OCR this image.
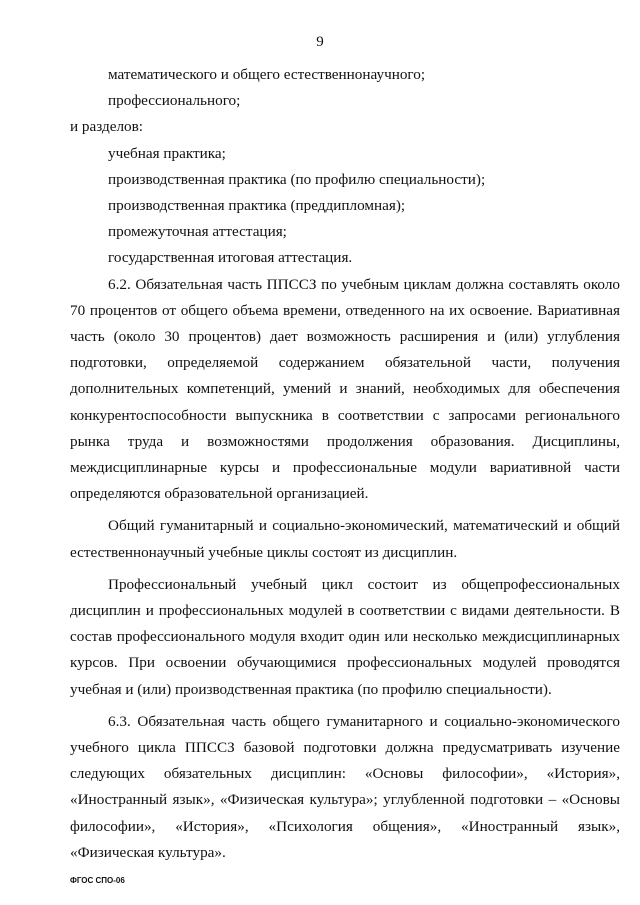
9
математического и общего естественнонаучного;
профессионального;
и разделов:
учебная практика;
производственная практика (по профилю специальности);
производственная практика (преддипломная);
промежуточная аттестация;
государственная итоговая аттестация.
6.2. Обязательная часть ППССЗ по учебным циклам должна составлять около
70 процентов от общего объема времени, отведенного на их освоение. Вариативная
часть (около 30 процентов) дает возможность расширения и (или) углубления
подготовки, определяемой содержанием обязательной части, получения
дополнительных компетенций, умений и знаний, необходимых для обеспечения
конкурентоспособности выпускника в соответствии с запросами регионального
рынка труда и возможностями продолжения образования. Дисциплины,
междисциплинарные курсы и профессиональные модули вариативной части
определяются образовательной организацией.
Общий гуманитарный и социально-экономический, математический и общий
естественнонаучный учебные циклы состоят из дисциплин.
Профессиональный учебный цикл состоит из общепрофессиональных
дисциплин и профессиональных модулей в соответствии с видами деятельности. В
состав профессионального модуля входит один или несколько междисциплинарных
курсов. При освоении обучающимися профессиональных модулей проводятся
учебная и (или) производственная практика (по профилю специальности).
6.3. Обязательная часть общего гуманитарного и социально-экономического
учебного цикла ППССЗ базовой подготовки должна предусматривать изучение
следующих обязательных дисциплин: «Основы философии», «История»,
«Иностранный язык», «Физическая культура»; углубленной подготовки – «Основы
философии», «История», «Психология общения», «Иностранный язык»,
«Физическая культура».
ФГОС СПО-06
